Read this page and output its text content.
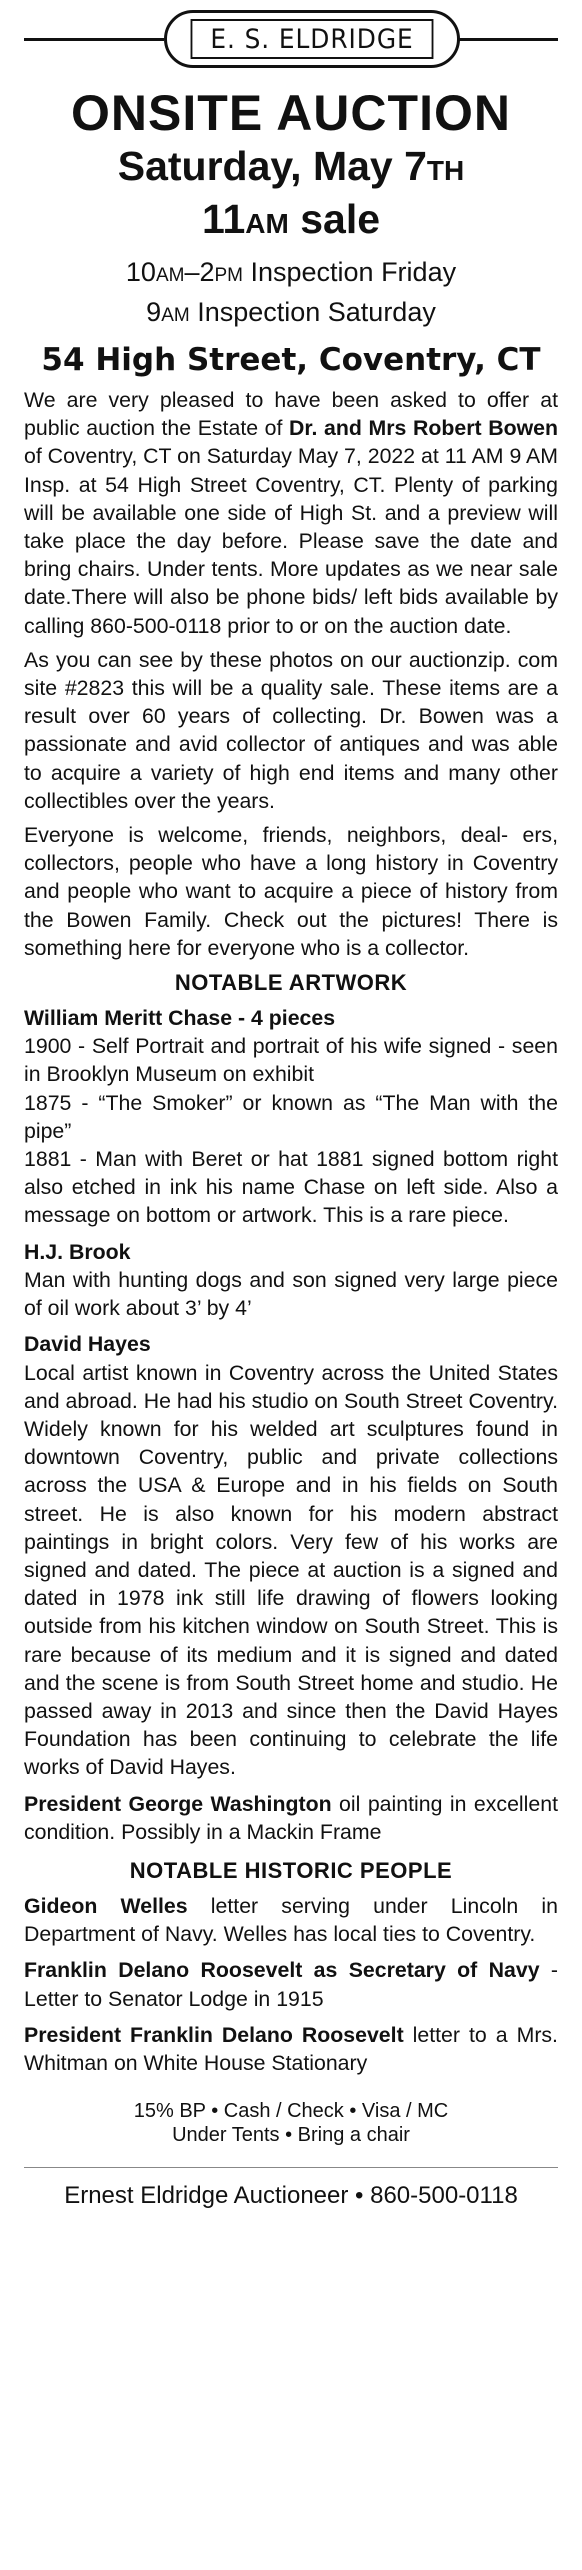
E. S. ELDRIDGE
ONSITE AUCTION
Saturday, May 7TH
11AM sale
10AM–2PM Inspection Friday
9AM Inspection Saturday
54 High Street, Coventry, CT

We are very pleased to have been asked to offer at public auction the Estate of Dr. and Mrs Robert Bowen of Coventry, CT on Saturday May 7, 2022 at 11 AM 9 AM Insp. at 54 High Street Coventry, CT. Plenty of parking will be available one side of High St. and a preview will take place the day before. Please save the date and bring chairs. Under tents. More updates as we near sale date.There will also be phone bids/ left bids available by calling 860-500-0118 prior to or on the auction date.

As you can see by these photos on our auctionzip. com site #2823 this will be a quality sale. These items are a result over 60 years of collecting. Dr. Bowen was a passionate and avid collector of antiques and was able to acquire a variety of high end items and many other collectibles over the years.

Everyone is welcome, friends, neighbors, deal- ers, collectors, people who have a long history in Coventry and people who want to acquire a piece of history from the Bowen Family. Check out the pictures! There is something here for everyone who is a collector.

NOTABLE ARTWORK
William Meritt Chase - 4 pieces

1900 - Self Portrait and portrait of his wife signed - seen in Brooklyn Museum on exhibit

1875 - “The Smoker” or known as “The Man with the pipe”

1881 - Man with Beret or hat 1881 signed bottom right also etched in ink his name Chase on left side. Also a message on bottom or artwork. This is a rare piece.

H.J. Brook

Man with hunting dogs and son signed very large piece of oil work about 3’ by 4’

David Hayes

Local artist known in Coventry across the United States and abroad. He had his studio on South Street Coventry. Widely known for his welded art sculptures found in downtown Coventry, public and private collections across the USA & Europe and in his fields on South street. He is also known for his modern abstract paintings in bright colors. Very few of his works are signed and dated. The piece at auction is a signed and dated in 1978 ink still life drawing of flowers looking outside from his kitchen window on South Street. This is rare because of its medium and it is signed and dated and the scene is from South Street home and studio. He passed away in 2013 and since then the David Hayes Foundation has been continuing to celebrate the life works of David Hayes.

President George Washington oil painting in excellent condition. Possibly in a Mackin Frame

NOTABLE HISTORIC PEOPLE

Gideon Welles letter serving under Lincoln in Department of Navy. Welles has local ties to Coventry.

Franklin Delano Roosevelt as Secretary of Navy - Letter to Senator Lodge in 1915

President Franklin Delano Roosevelt letter to a Mrs. Whitman on White House Stationary

15% BP • Cash / Check • Visa / MC
Under Tents • Bring a chair
Ernest Eldridge Auctioneer • 860-500-0118
